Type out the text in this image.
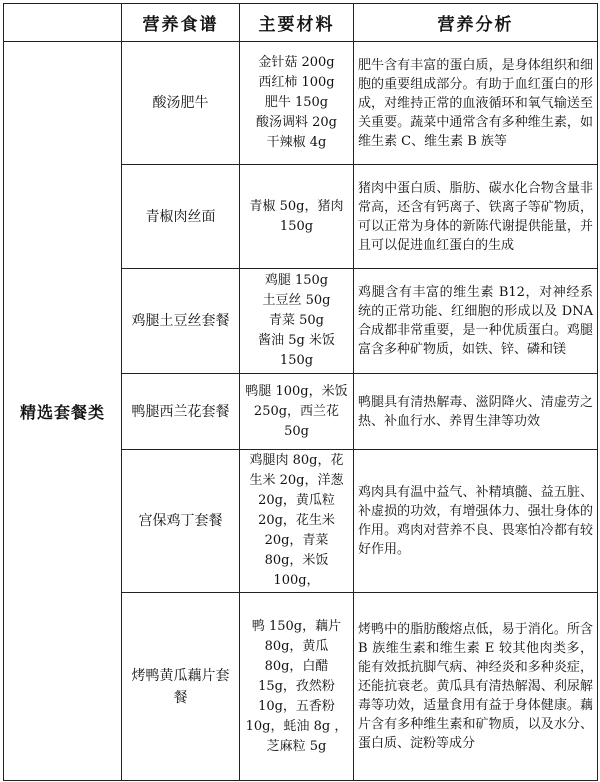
	营养食谱	主要材料	营养分析
精选套餐类	酸汤肥牛	金针菇 200g
西红柿 100g
肥牛 150g
酸汤调料 20g
干辣椒 4g	肥牛含有丰富的蛋白质，是身体组织和细胞的重要组成部分。有助于血红蛋白的形成，对维持正常的血液循环和氧气输送至关重要。蔬菜中通常含有多种维生素，如维生素 C、维生素 B 族等

	青椒肉丝面	青椒 50g，猪肉 150g	猪肉中蛋白质、脂肪、碳水化合物含量非常高，还含有钙离子、铁离子等矿物质，可以正常为身体的新陈代谢提供能量，并且可以促进血红蛋白的生成

	鸡腿土豆丝套餐	鸡腿 150g
土豆丝 50g
青菜 50g
酱油 5g 米饭 150g	鸡腿含有丰富的维生素 B12，对神经系统的正常功能、红细胞的形成以及 DNA 合成都非常重要，是一种优质蛋白。鸡腿富含多种矿物质，如铁、锌、磷和镁

	鸭腿西兰花套餐	鸭腿 100g，米饭 250g，西兰花 50g	鸭腿具有清热解毒、滋阴降火、清虚劳之热、补血行水、养胃生津等功效

	宫保鸡丁套餐	鸡腿肉 80g，花生米 20g，洋葱 20g，黄瓜粒 20g，花生米 20g，青菜 80g，米饭 100g，	鸡肉具有温中益气、补精填髓、益五脏、补虚损的功效，有增强体力、强壮身体的作用。鸡肉对营养不良、畏寒怕冷都有较好作用。

	烤鸭黄瓜藕片套餐	鸭 150g，藕片 80g，黄瓜 80g，白醋 15g，孜然粉 10g，五香粉 10g，蚝油 8g ，芝麻粒 5g	烤鸭中的脂肪酸熔点低，易于消化。所含 B 族维生素和维生素 E 较其他肉类多，能有效抵抗脚气病、神经炎和多种炎症，还能抗衰老。黄瓜具有清热解渴、利尿解毒等功效，适量食用有益于身体健康。藕片含有多种维生素和矿物质，以及水分、蛋白质、淀粉等成分
